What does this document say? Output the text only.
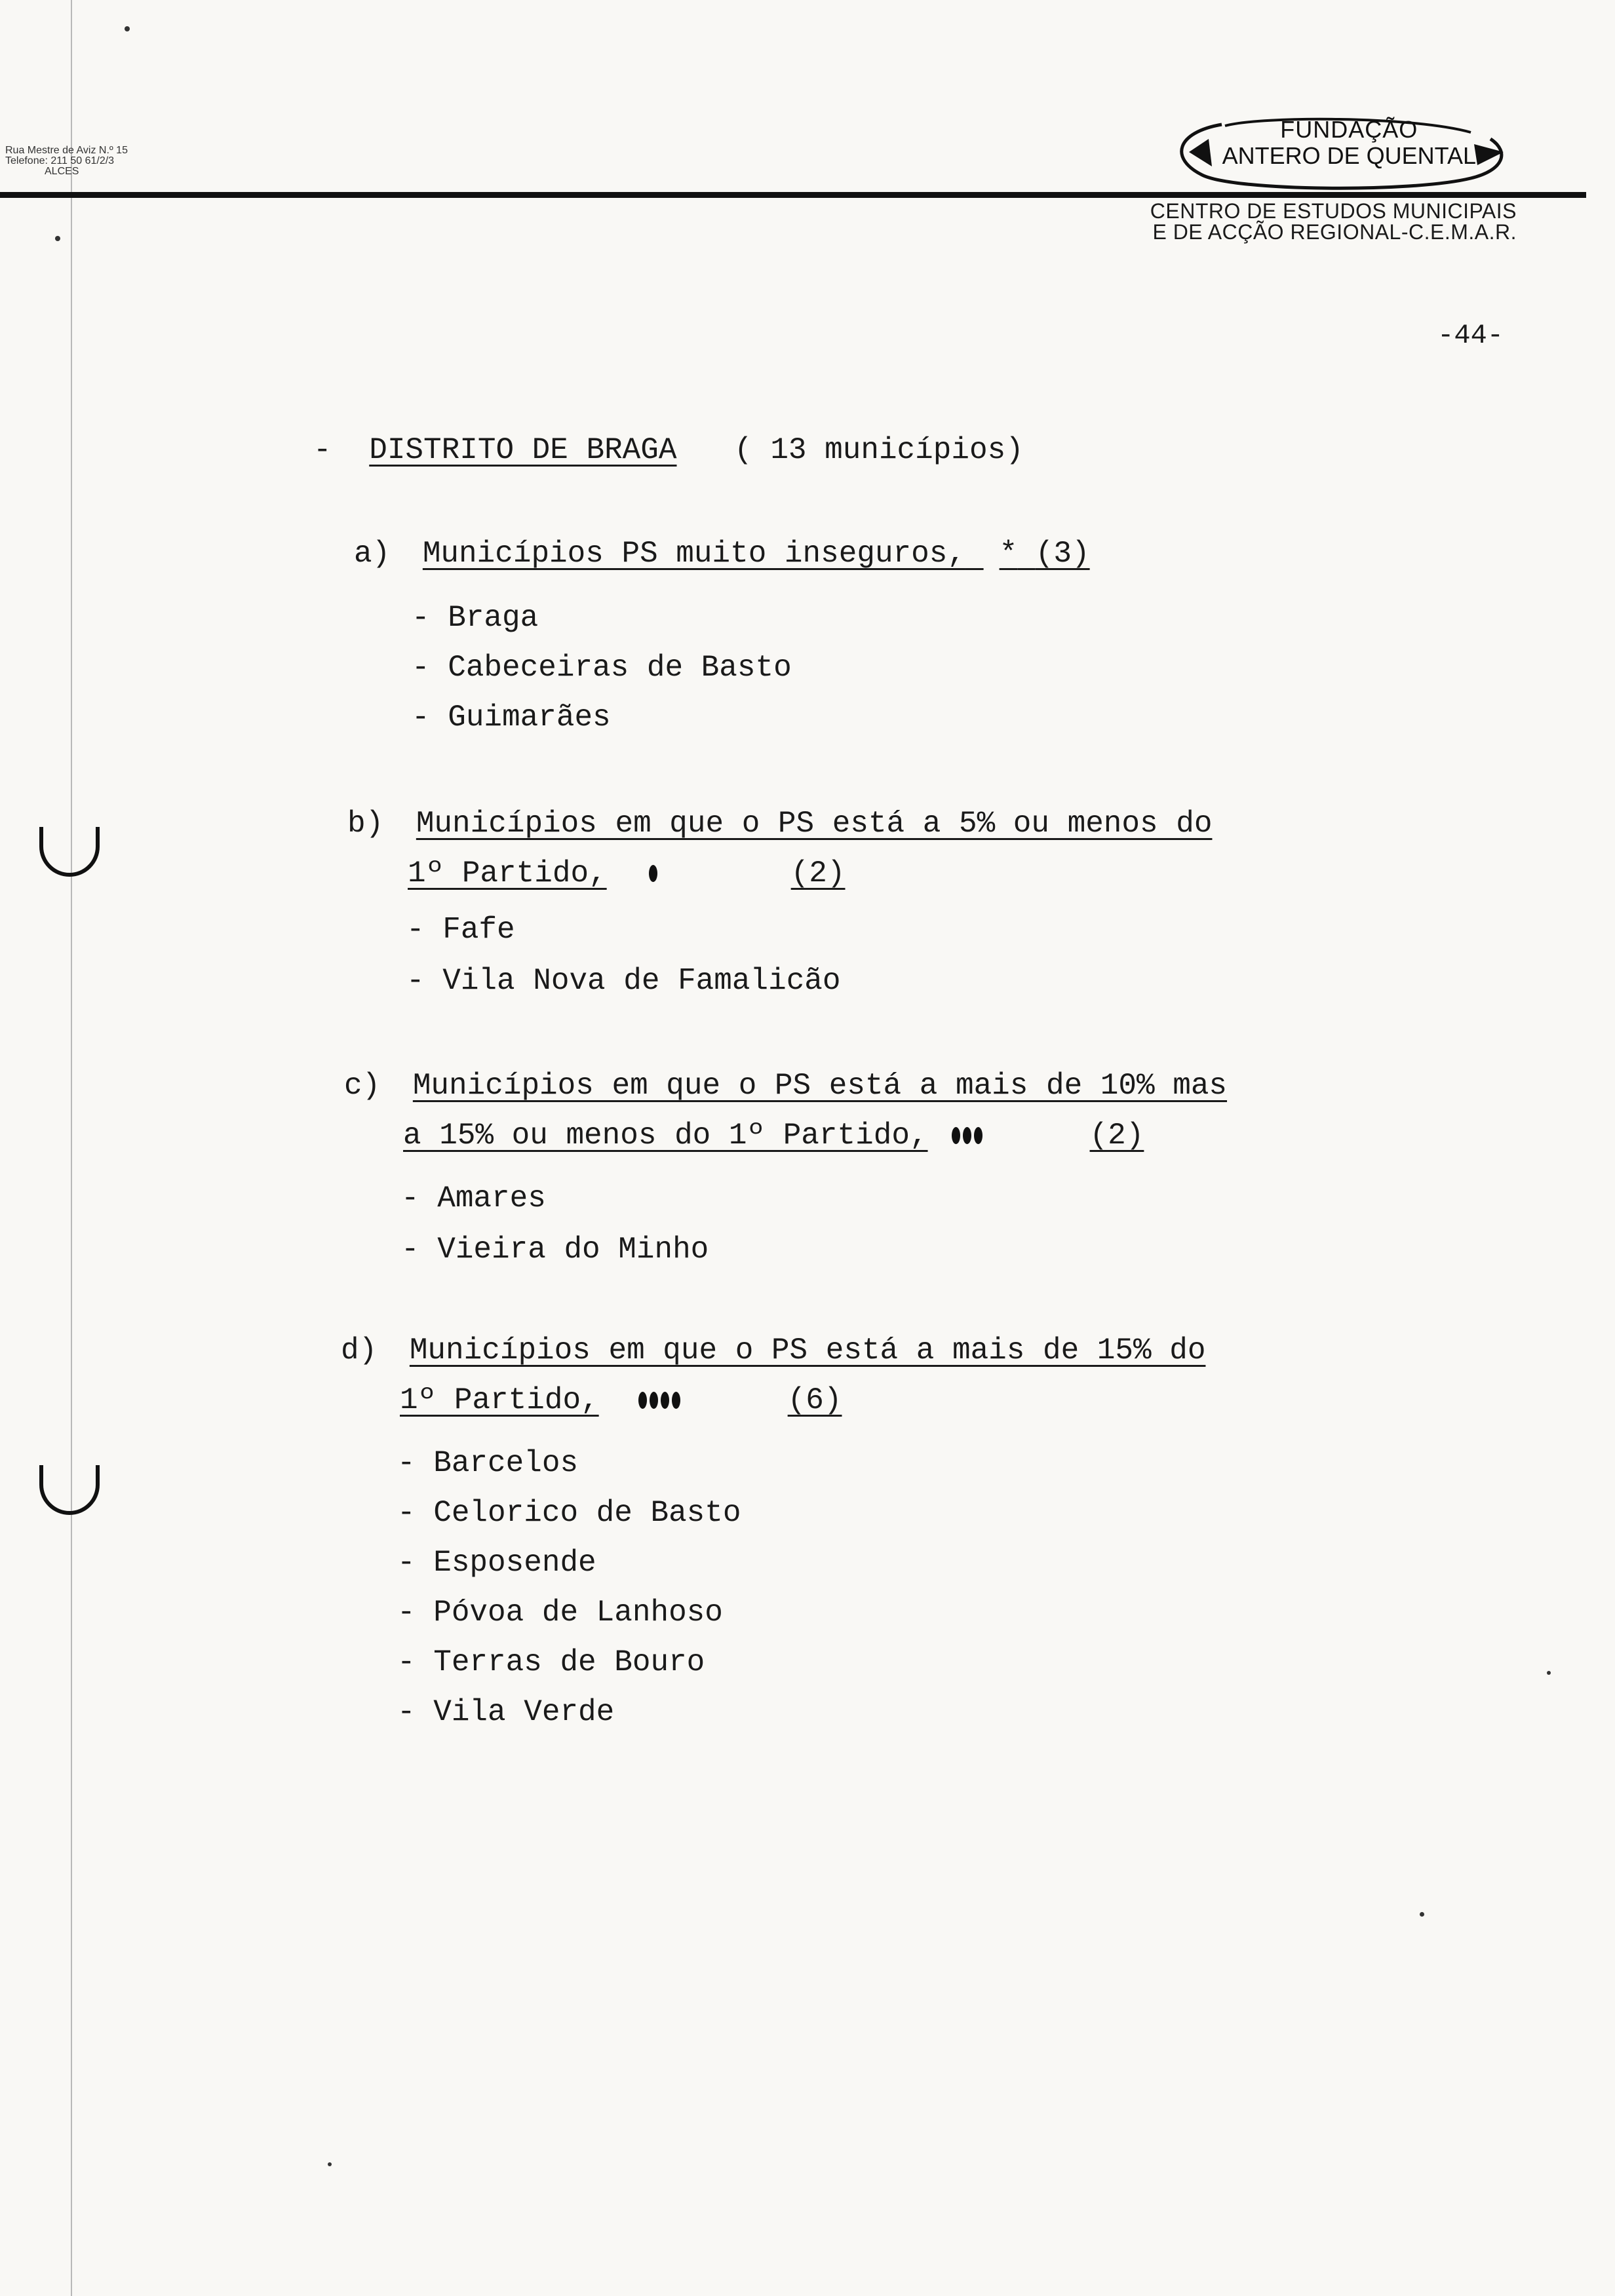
Rua Mestre de Aviz N.º 15
Telefone: 211 50 61/2/3
ALCES
FUNDAÇÃO
ANTERO DE QUENTAL
CENTRO DE ESTUDOS MUNICIPAIS
E DE ACÇÃO REGIONAL-C.E.M.A.R.
-44-
- DISTRITO DE BRAGA ( 13 municípios)
a) Municípios PS muito inseguros, * (3)
- Braga
- Cabeceiras de Basto
- Guimarães
b) Municípios em que o PS está a 5% ou menos do
1º Partido,	(2)
- Fafe
- Vila Nova de Famalicão
c) Municípios em que o PS está a mais de 10% mas
a 15% ou menos do 1º Partido,	(2)
- Amares
- Vieira do Minho
d) Municípios em que o PS está a mais de 15% do
1º Partido,	(6)
- Barcelos
- Celorico de Basto
- Esposende
- Póvoa de Lanhoso
- Terras de Bouro
- Vila Verde
